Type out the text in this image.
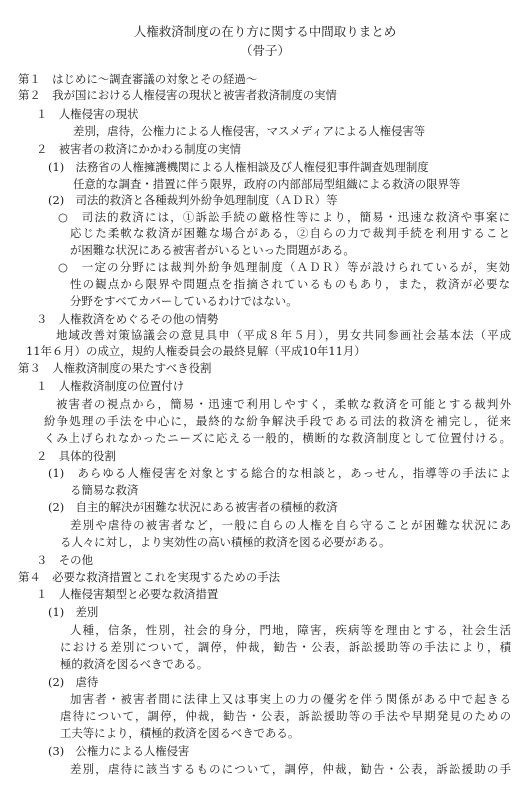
人権救済制度の在り方に関する中間取りまとめ
（骨子）
第１　はじめに～調査審議の対象とその経過～
第２　我が国における人権侵害の現状と被害者救済制度の実情
１　人権侵害の現状
差別，虐待，公権力による人権侵害，マスメディアによる人権侵害等
２　被害者の救済にかかわる制度の実情
(1)　法務省の人権擁護機関による人権相談及び人権侵犯事件調査処理制度
任意的な調査・措置に伴う限界，政府の内部部局型組織による救済の限界等
(2)　司法的救済と各種裁判外紛争処理制度（ＡＤＲ）等
○　司法的救済には，①訴訟手続の厳格性等により，簡易・迅速な救済や事案に
応じた柔軟な救済が困難な場合がある，②自らの力で裁判手続を利用すること
が困難な状況にある被害者がいるといった問題がある。
○　一定の分野には裁判外紛争処理制度（ＡＤＲ）等が設けられているが，実効
性の観点から限界や問題点を指摘されているものもあり，また，救済が必要な
分野をすべてカバーしているわけではない。
３　人権救済をめぐるその他の情勢
地域改善対策協議会の意見具申（平成８年５月），男女共同参画社会基本法（平成
11年６月）の成立，規約人権委員会の最終見解（平成10年11月）
第３　人権救済制度の果たすべき役割
１　人権救済制度の位置付け
被害者の視点から，簡易・迅速で利用しやすく，柔軟な救済を可能とする裁判外
紛争処理の手法を中心に，最終的な紛争解決手段である司法的救済を補完し，従来
くみ上げられなかったニーズに応える一般的，横断的な救済制度として位置付ける。
２　具体的役割
(1)　あらゆる人権侵害を対象とする総合的な相談と，あっせん，指導等の手法によ
る簡易な救済
(2)　自主的解決が困難な状況にある被害者の積極的救済
差別や虐待の被害者など，一般に自らの人権を自ら守ることが困難な状況にあ
る人々に対し，より実効性の高い積極的救済を図る必要がある。
３　その他
第４　必要な救済措置とこれを実現するための手法
１　人権侵害類型と必要な救済措置
(1)　差別
人種，信条，性別，社会的身分，門地，障害，疾病等を理由とする，社会生活
における差別について，調停，仲裁，勧告・公表，訴訟援助等の手法により，積
極的救済を図るべきである。
(2)　虐待
加害者・被害者間に法律上又は事実上の力の優劣を伴う関係がある中で起きる
虐待について，調停，仲裁，勧告・公表，訴訟援助等の手法や早期発見のための
工夫等により，積極的救済を図るべきである。
(3)　公権力による人権侵害
差別，虐待に該当するものについて，調停，仲裁，勧告・公表，訴訟援助の手
